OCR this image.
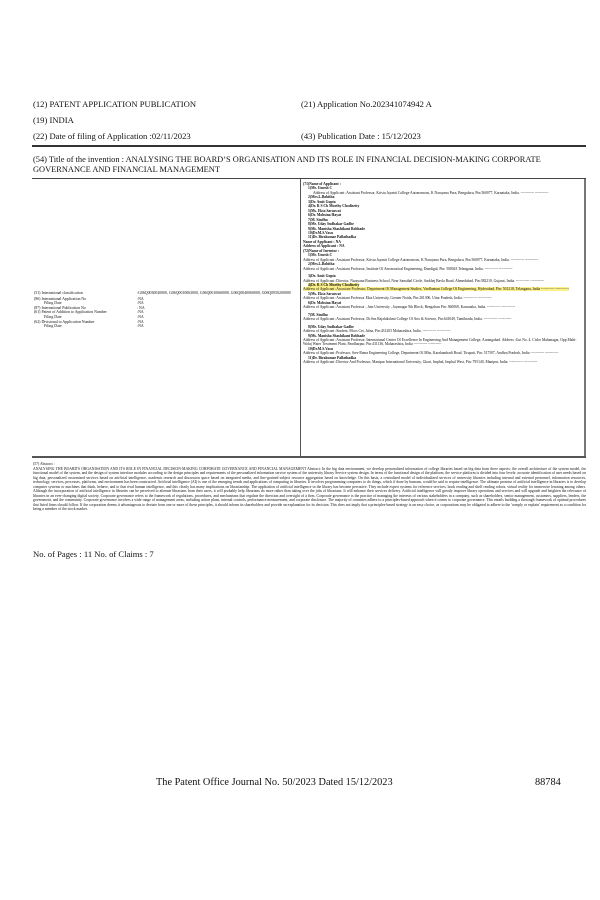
(12) PATENT APPLICATION PUBLICATION	(21) Application No.202341074942 A
(19) INDIA
(22) Date of filing of Application :02/11/2023	(43) Publication Date : 15/12/2023
(54) Title of the invention : ANALYSING THE BOARD’S ORGANISATION AND ITS ROLE IN FINANCIAL DECISION-MAKING CORPORATE GOVERNANCE AND FINANCIAL MANAGEMENT
(51) International classification	:G06Q0030020000, G06Q0010063000, G06Q0010060000, G06Q0040060000, G06Q0050200000
(86) International Application No	:NA
Filing Date	:NA
(87) International Publication No	: NA
(61) Patent of Addition to Application Number	:NA
Filing Date	:NA
(62) Divisional to Application Number	:NA
Filing Date	:NA
(71)Name of Applicant :
1)Mr. Umesh C
Address of Applicant :Assistant Professor, Kristu Jayanti College Autonomous, K Narayana Pura, Bengaluru, Pin:560077, Karnataka, India. ----------- -----------
2)Mrs.L.Bobitha
3)Dr. Amit Gupta
4)Dr. R S Ch Murthy Chodisetty
5)Ms. Ekta Saraswat
6)Dr. Mohsina Hayat
7)M. Sindhu
8)Mr. Uday Sudhakar Gadhe
9)Ms. Manisha Shashikant Bobhade
10)Dr.M.S.Vasu
11)Dr. Birakumar Pallathadka
Name of Applicant : NA
Address of Applicant : NA
(72)Name of Inventor :
1)Mr. Umesh C
Address of Applicant :Assistant Professor, Kristu Jayanti College Autonomous, K Narayana Pura, Bengaluru, Pin:560077, Karnataka, India. ----------- -----------
2)Mrs.L.Bobitha
Address of Applicant :Assistant Professor, Institute Of Aeronautical Engineering, Dundigal, Pin: 500043 Telangana, India. ----------- -----------
3)Dr. Amit Gupta
Address of Applicant :Director, Narayana Business School, Near Sanathal Circle, Sarkhej Bavla Road, Ahmedabad, Pin:382210, Gujarat, India. ----------- -----------
4)Dr. R S Ch Murthy Chodisetty
Address of Applicant :Associate Professor, Department Of Management Studies, Vardhaman College Of Engineering, Hyderabad, Pin: 501218, Telangana, India ----------- -----------
5)Ms. Ekta Saraswat
Address of Applicant :Assistant Professor Ekta University, Greater Noida, Pin:201306, Uttar Pradesh, India. ----------- -----------
6)Dr. Mohsina Hayat
Address of Applicant :Assistant Professor , Jain University , Jayanagar 9th Block, Bengaluru Pin: 560069, Karnataka, India. ----------- -----------
7)M. Sindhu
Address of Applicant :Assistant Professor, Dr.Sns Rajalakshmi College Of Arts & Science, Pin:641049, Tamilnadu, India. ----------- -----------
8)Mr. Uday Sudhakar Gadhe
Address of Applicant :Student, Mcos Cet, Jalna, Pin:431203 Maharashtra, India. ----------- -----------
9)Ms. Manisha Shashikant Bobhade
Address of Applicant :Assistant Professor, International Center Of Excellence In Engineering And Management College, Aurangabad. Address :Gut No. 4, Cidco Mahanagar, Opp Mahi-Waluj Water Treatment Plant, Pandharpur, Pin:431136, Maharashtra, India ----------- -----------
10)Dr.M.S.Vasu
Address of Applicant :Professor, Sree Rama Engineering College, Department Of Mba, Karakambadi Road, Tirupati, Pin: 517507, Andhra Pradesh, India ----------- -----------
11)Dr. Birakumar Pallathadka
Address of Applicant :Director And Professor, Manipur International University, Ghari, Imphal, Imphal West, Pin: 795140, Manipur, India. ----------- -----------
(57) Abstract :
ANALYSING THE BOARD'S ORGANISATION AND ITS ROLE IN FINANCIAL DECISION-MAKING CORPORATE GOVERNANCE AND FINANCIAL MANAGEMENT Abstract: In the big data environment, we develop personalized information of college libraries based on big data from three aspects: the overall architecture of the system model, the functional model of the system, and the design of system interface modules according to the design principles and requirements of the personalized information service system of the university library Service system design. In terms of the functional design of the platform, the service platform is divided into four levels: accurate identification of user needs based on big data, personalized customized services based on artificial intelligence, academic research and discussion space based on integrated media, and fine-grained subject resource aggregation based on knowledge. On this basis, a centralized model of individualized services of university libraries including internal and external personnel, information resources, technology, services, processes, platforms, and environment has been constructed. Artificial intelligence (AI) is one of the emerging trends and applications of computing in libraries. It involves programming computers to do things, which if done by humans, would be said to require intelligence. The ultimate promise of artificial intelligence in libraries is to develop computer systems or machines that think, behave, and to that rival human intelligence, and this clearly has many implications on librarianship. The application of artificial intelligence in the library has become pervasive. They include expert systems for reference services, book reading and shelf reading robots, virtual reality for immersive learning among others. Although the incorporation of artificial intelligence in libraries can be perceived to alienate librarians from their users, it will probably help librarians do more rather than taking over the jobs of librarians. It will enhance their services delivery. Artificial intelligence will greatly improve library operations and services and will upgrade and heighten the relevance of libraries in an ever-changing digital society. Corporate governance refers to the framework of regulations, procedures, and mechanisms that regulate the direction and oversight of a firm. Corporate governance is the practice of managing the interests of various stakeholders in a company, such as shareholders, senior management, customers, suppliers, lenders, the government, and the community. Corporate governance involves a wide range of management areas, including action plans, internal controls, performance measurement, and corporate disclosure. The majority of countries adhere to a principles-based approach when it comes to corporate governance. This entails building a thorough framework of optimal procedures that listed firms should follow. If the corporation deems it advantageous to deviate from one or more of these principles, it should inform its shareholders and provide an explanation for its decision. This does not imply that a principles-based strategy is an easy choice, as corporations may be obligated to adhere to the 'comply or explain' requirement as a condition for being a member of the stock market.
No. of Pages : 11 No. of Claims : 7
The Patent Office Journal No. 50/2023 Dated 15/12/2023	88784
